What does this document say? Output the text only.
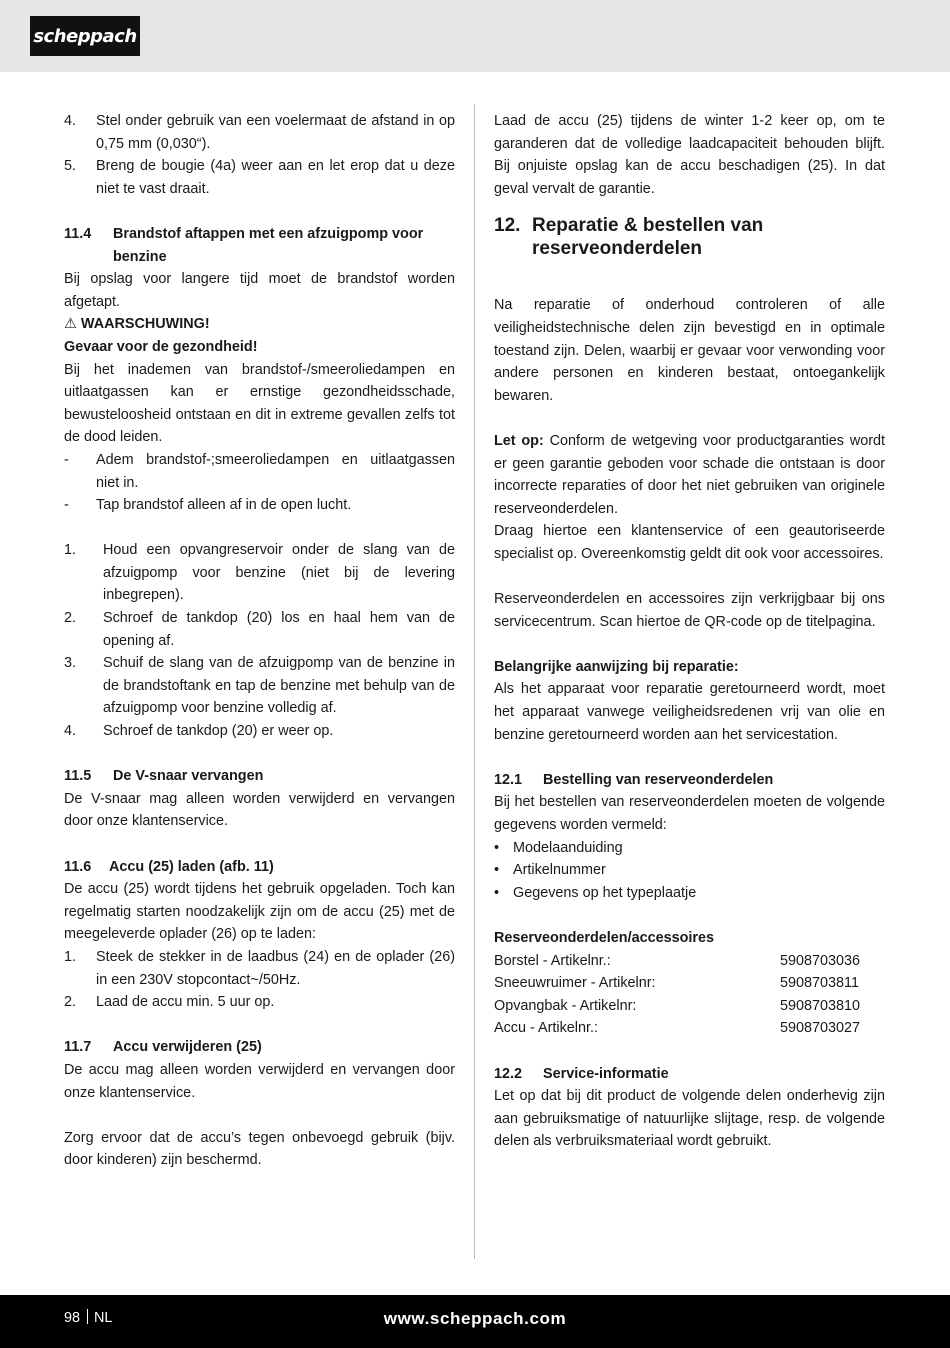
scheppach
4.	Stel onder gebruik van een voelermaat de afstand in op 0,75 mm (0,030“).
5.	Breng de bougie (4a) weer aan en let erop dat u deze niet te vast draait.
11.4	Brandstof aftappen met een afzuigpomp voor benzine

Bij opslag voor langere tijd moet de brandstof worden afgetapt.

⚠ WAARSCHUWING!

Gevaar voor de gezondheid!

Bij het inademen van brandstof-/smeeroliedampen en uitlaatgassen kan er ernstige gezondheidsschade, bewusteloosheid ontstaan en dit in extreme gevallen zelfs tot de dood leiden.

-	Adem brandstof-;smeeroliedampen en uitlaatgassen niet in.
-	Tap brandstof alleen af in de open lucht.
1.	Houd een opvangreservoir onder de slang van de afzuigpomp voor benzine (niet bij de levering inbegrepen).
2.	Schroef de tankdop (20) los en haal hem van de opening af.
3.	Schuif de slang van de afzuigpomp van de benzine in de brandstoftank en tap de benzine met behulp van de afzuigpomp voor benzine volledig af.
4.	Schroef de tankdop (20) er weer op.
11.5	De V-snaar vervangen

De V-snaar mag alleen worden verwijderd en vervangen door onze klantenservice.

11.6	Accu (25) laden (afb. 11)

De accu (25) wordt tijdens het gebruik opgeladen. Toch kan regelmatig starten noodzakelijk zijn om de accu (25) met de meegeleverde oplader (26) op te laden:

1.	Steek de stekker in de laadbus (24) en de oplader (26) in een 230V stopcontact~/50Hz.
2.	Laad de accu min. 5 uur op.
11.7	Accu verwijderen (25)

De accu mag alleen worden verwijderd en vervangen door onze klantenservice.

Zorg ervoor dat de accu’s tegen onbevoegd gebruik (bijv. door kinderen) zijn beschermd.

Laad de accu (25) tijdens de winter 1-2 keer op, om te garanderen dat de volledige laadcapaciteit behouden blijft. Bij onjuiste opslag kan de accu beschadigen (25). In dat geval vervalt de garantie.

12. Reparatie & bestellen van reserveonderdelen

Na reparatie of onderhoud controleren of alle veiligheidstechnische delen zijn bevestigd en in optimale toestand zijn. Delen, waarbij er gevaar voor verwonding voor andere personen en kinderen bestaat, ontoegankelijk bewaren.

Let op: Conform de wetgeving voor productgaranties wordt er geen garantie geboden voor schade die ontstaan is door incorrecte reparaties of door het niet gebruiken van originele reserveonderdelen.

Draag hiertoe een klantenservice of een geautoriseerde specialist op. Overeenkomstig geldt dit ook voor accessoires.

Reserveonderdelen en accessoires zijn verkrijgbaar bij ons servicecentrum. Scan hiertoe de QR-code op de titelpagina.

Belangrijke aanwijzing bij reparatie:

Als het apparaat voor reparatie geretourneerd wordt, moet het apparaat vanwege veiligheidsredenen vrij van olie en benzine geretourneerd worden aan het servicestation.

12.1	Bestelling van reserveonderdelen

Bij het bestellen van reserveonderdelen moeten de volgende gegevens worden vermeld:

• Modelaanduiding
• Artikelnummer
• Gegevens op het typeplaatje

Reserveonderdelen/accessoires

Borstel - Artikelnr.:	5908703036
Sneeuwruimer - Artikelnr:	5908703811
Opvangbak - Artikelnr:	5908703810
Accu - Artikelnr.:	5908703027
12.2	Service-informatie

Let op dat bij dit product de volgende delen onderhevig zijn aan gebruiksmatige of natuurlijke slijtage, resp. de volgende delen als verbruiksmateriaal wordt gebruikt.

98 NL	www.scheppach.com
